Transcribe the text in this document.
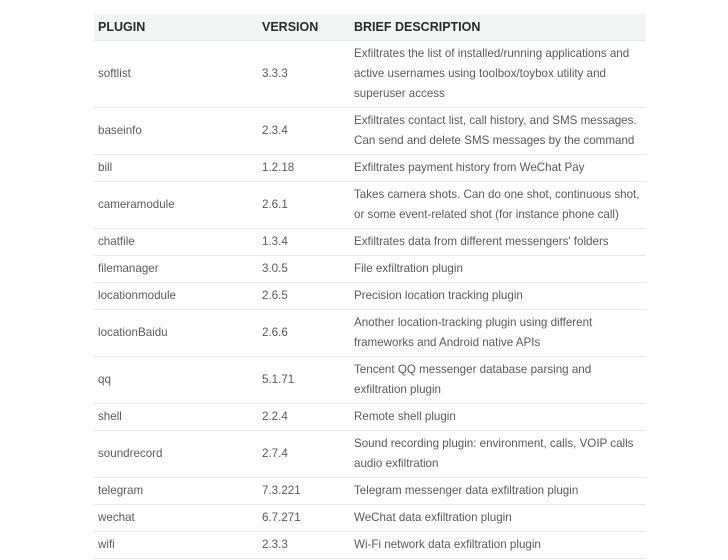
PLUGIN	VERSION	BRIEF DESCRIPTION
softlist	3.3.3	Exfiltrates the list of installed/running applications and active usernames using toolbox/toybox utility and superuser access
baseinfo	2.3.4	Exfiltrates contact list, call history, and SMS messages. Can send and delete SMS messages by the command
bill	1.2.18	Exfiltrates payment history from WeChat Pay
cameramodule	2.6.1	Takes camera shots. Can do one shot, continuous shot, or some event-related shot (for instance phone call)
chatfile	1.3.4	Exfiltrates data from different messengers' folders
filemanager	3.0.5	File exfiltration plugin
locationmodule	2.6.5	Precision location tracking plugin
locationBaidu	2.6.6	Another location-tracking plugin using different frameworks and Android native APIs
qq	5.1.71	Tencent QQ messenger database parsing and exfiltration plugin
shell	2.2.4	Remote shell plugin
soundrecord	2.7.4	Sound recording plugin: environment, calls, VOIP calls audio exfiltration
telegram	7.3.221	Telegram messenger data exfiltration plugin
wechat	6.7.271	WeChat data exfiltration plugin
wifi	2.3.3	Wi-Fi network data exfiltration plugin
